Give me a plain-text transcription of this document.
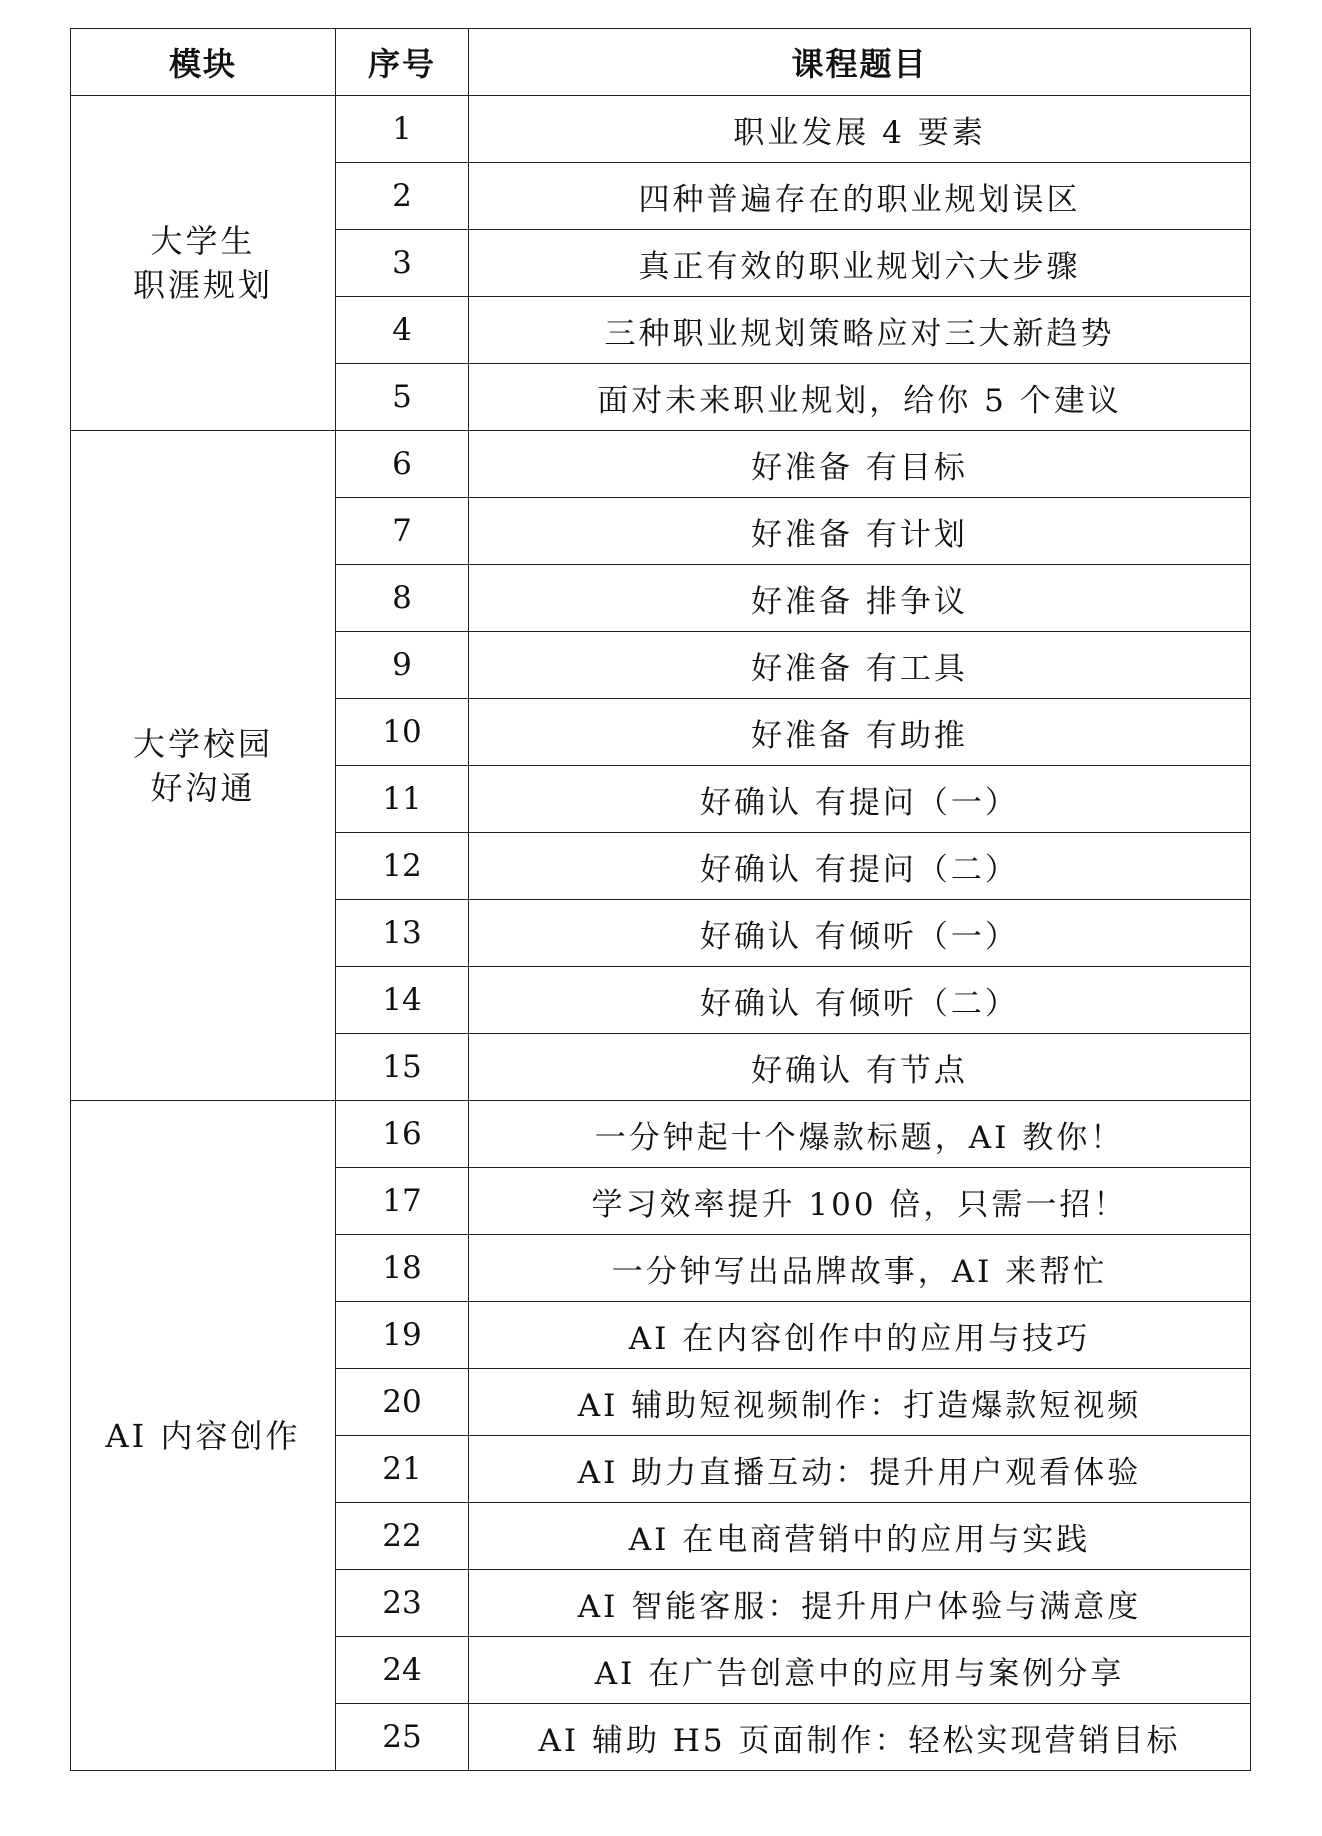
模块	序号	课程题目

大学生
职涯规划	1	职业发展 4 要素
	2	四种普遍存在的职业规划误区
	3	真正有效的职业规划六大步骤
	4	三种职业规划策略应对三大新趋势
	5	面对未来职业规划，给你 5 个建议

大学校园
好沟通	6	好准备 有目标
	7	好准备 有计划
	8	好准备 排争议
	9	好准备 有工具
	10	好准备 有助推
	11	好确认 有提问（一）
	12	好确认 有提问（二）
	13	好确认 有倾听（一）
	14	好确认 有倾听（二）
	15	好确认 有节点

AI 内容创作	16	一分钟起十个爆款标题，AI 教你！
	17	学习效率提升 100 倍，只需一招！
	18	一分钟写出品牌故事，AI 来帮忙
	19	AI 在内容创作中的应用与技巧
	20	AI 辅助短视频制作：打造爆款短视频
	21	AI 助力直播互动：提升用户观看体验
	22	AI 在电商营销中的应用与实践
	23	AI 智能客服：提升用户体验与满意度
	24	AI 在广告创意中的应用与案例分享
	25	AI 辅助 H5 页面制作：轻松实现营销目标
